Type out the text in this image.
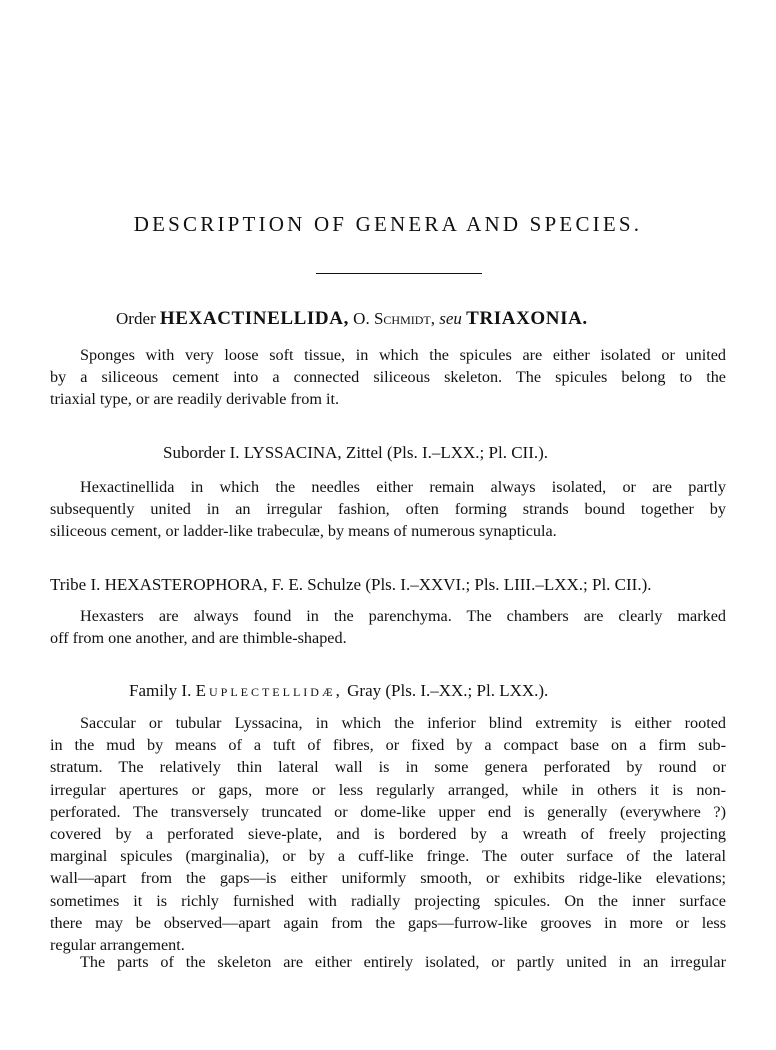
DESCRIPTION OF GENERA AND SPECIES.
Order HEXACTINELLIDA, O. Schmidt, seu TRIAXONIA.
Sponges with very loose soft tissue, in which the spicules are either isolated or united
by a siliceous cement into a connected siliceous skeleton. The spicules belong to the
triaxial type, or are readily derivable from it.
Suborder I. LYSSACINA, Zittel (Pls. I.–LXX.; Pl. CII.).
Hexactinellida in which the needles either remain always isolated, or are partly
subsequently united in an irregular fashion, often forming strands bound together by
siliceous cement, or ladder-like trabeculæ, by means of numerous synapticula.
Tribe I. HEXASTEROPHORA, F. E. Schulze (Pls. I.–XXVI.; Pls. LIII.–LXX.; Pl. CII.).
Hexasters are always found in the parenchyma. The chambers are clearly marked
off from one another, and are thimble-shaped.
Family I. Euplectellidæ, Gray (Pls. I.–XX.; Pl. LXX.).
Saccular or tubular Lyssacina, in which the inferior blind extremity is either rooted
in the mud by means of a tuft of fibres, or fixed by a compact base on a firm sub-
stratum. The relatively thin lateral wall is in some genera perforated by round or
irregular apertures or gaps, more or less regularly arranged, while in others it is non-
perforated. The transversely truncated or dome-like upper end is generally (everywhere ?)
covered by a perforated sieve-plate, and is bordered by a wreath of freely projecting
marginal spicules (marginalia), or by a cuff-like fringe. The outer surface of the lateral
wall—apart from the gaps—is either uniformly smooth, or exhibits ridge-like elevations;
sometimes it is richly furnished with radially projecting spicules. On the inner surface
there may be observed—apart again from the gaps—furrow-like grooves in more or less
regular arrangement.
The parts of the skeleton are either entirely isolated, or partly united in an irregular
